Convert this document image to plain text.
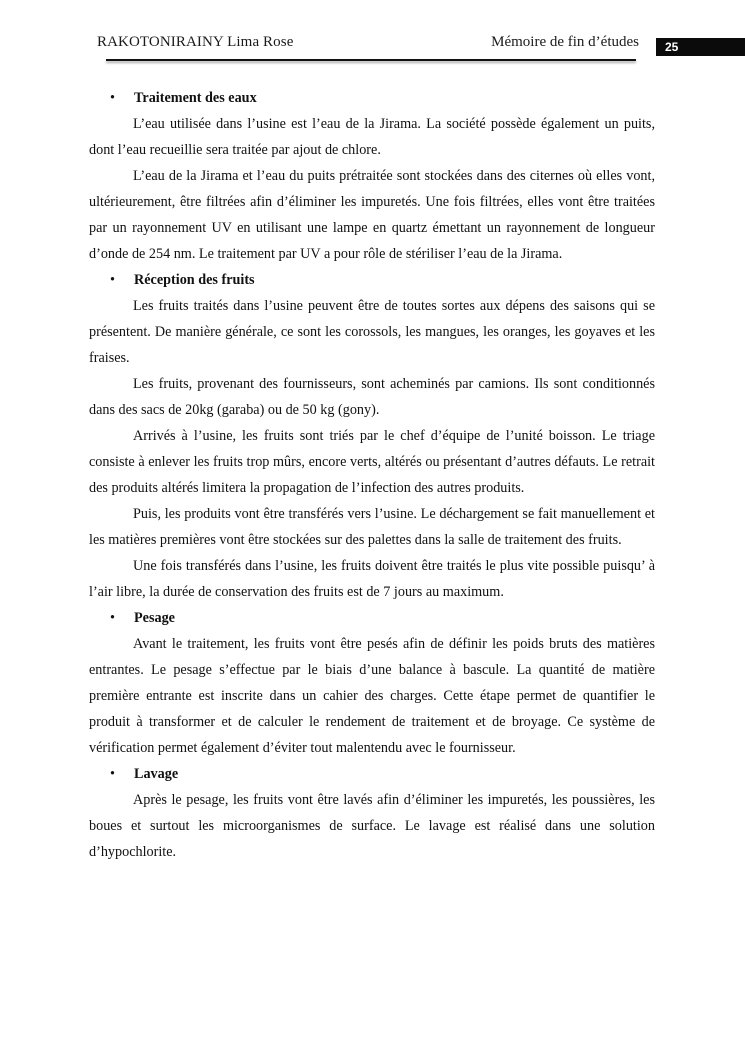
RAKOTONIRAINY Lima Rose	Mémoire de fin d’études	25
• Traitement des eaux

L’eau utilisée dans l’usine est l’eau de la Jirama. La société possède également un puits, dont l’eau recueillie sera traitée par ajout de chlore.

L’eau de la Jirama et l’eau du puits prétraitée sont stockées dans des citernes où elles vont, ultérieurement, être filtrées afin d’éliminer les impuretés. Une fois filtrées, elles vont être traitées par un rayonnement UV en utilisant une lampe en quartz émettant un rayonnement de longueur d’onde de 254 nm. Le traitement par UV a pour rôle de stériliser l’eau de la Jirama.

• Réception des fruits

Les fruits traités dans l’usine peuvent être de toutes sortes aux dépens des saisons qui se présentent. De manière générale, ce sont les corossols, les mangues, les oranges, les goyaves et les fraises.

Les fruits, provenant des fournisseurs, sont acheminés par camions. Ils sont conditionnés dans des sacs de 20kg (garaba) ou de 50 kg (gony).

Arrivés à l’usine, les fruits sont triés par le chef d’équipe de l’unité boisson. Le triage consiste à enlever les fruits trop mûrs, encore verts, altérés ou présentant d’autres défauts. Le retrait des produits altérés limitera la propagation de l’infection des autres produits.

Puis, les produits vont être transférés vers l’usine. Le déchargement se fait manuellement et les matières premières vont être stockées sur des palettes dans la salle de traitement des fruits.

Une fois transférés dans l’usine, les fruits doivent être traités le plus vite possible puisqu’ à l’air libre, la durée de conservation des fruits est de 7 jours au maximum.

• Pesage

Avant le traitement, les fruits vont être pesés afin de définir les poids bruts des matières entrantes. Le pesage s’effectue par le biais d’une balance à bascule. La quantité de matière première entrante est inscrite dans un cahier des charges. Cette étape permet de quantifier le produit à transformer et de calculer le rendement de traitement et de broyage. Ce système de vérification permet également d’éviter tout malentendu avec le fournisseur.

• Lavage

Après le pesage, les fruits vont être lavés afin d’éliminer les impuretés, les poussières, les boues et surtout les microorganismes de surface. Le lavage est réalisé dans une solution d’hypochlorite.
